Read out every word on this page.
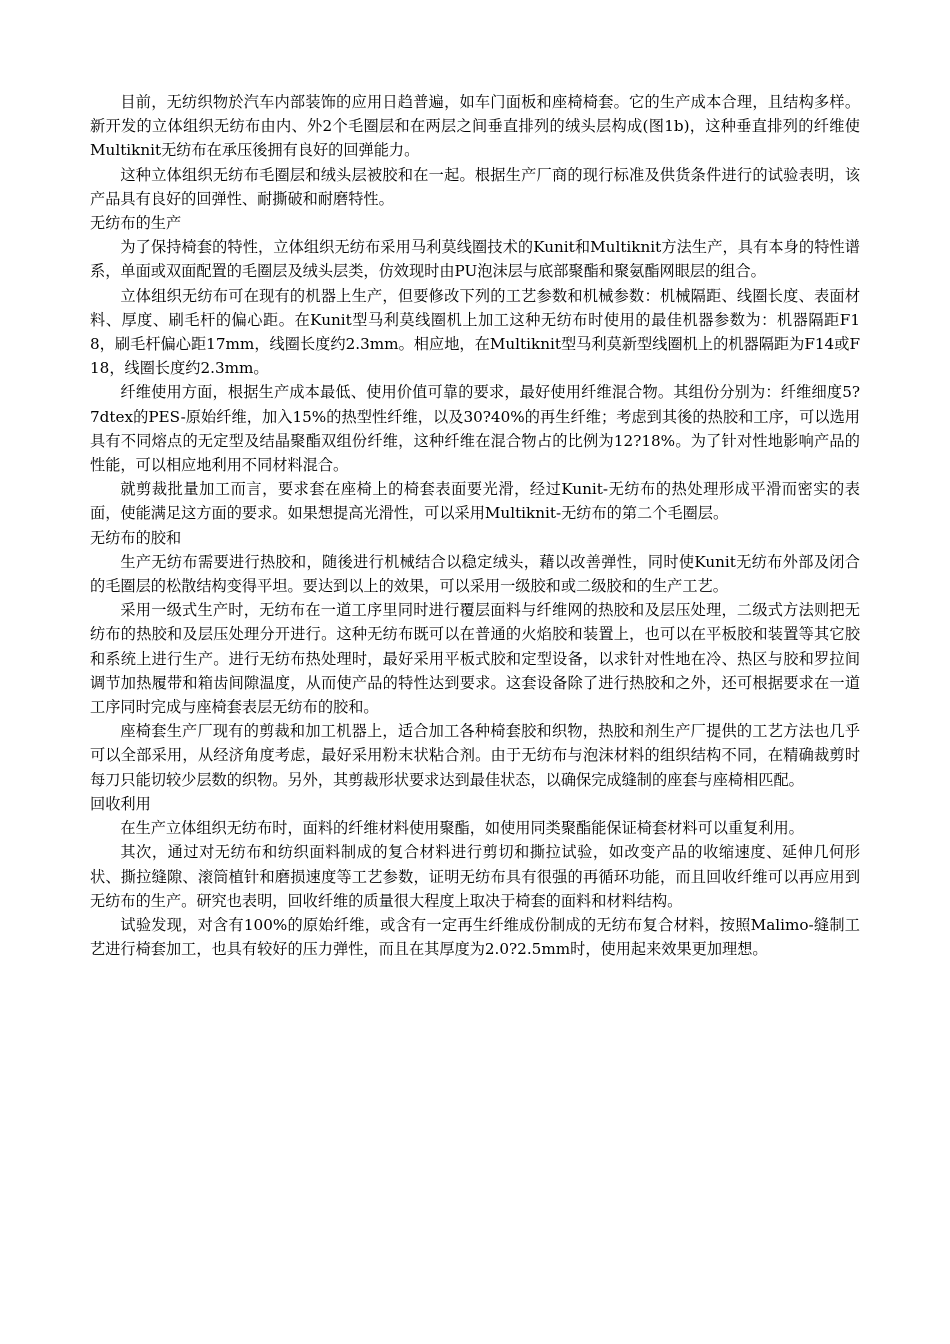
目前，无纺织物於汽车内部装饰的应用日趋普遍，如车门面板和座椅椅套。它的生产成本合理，且结构多样。新开发的立体组织无纺布由内、外2个毛圈层和在两层之间垂直排列的绒头层构成(图1b)，这种垂直排列的纤维使Multiknit无纺布在承压後拥有良好的回弹能力。

这种立体组织无纺布毛圈层和绒头层被胶和在一起。根据生产厂商的现行标准及供货条件进行的试验表明，该产品具有良好的回弹性、耐撕破和耐磨特性。

无纺布的生产

为了保持椅套的特性，立体组织无纺布采用马利莫线圈技术的Kunit和Multiknit方法生产，具有本身的特性谱系，单面或双面配置的毛圈层及绒头层类，仿效现时由PU泡沫层与底部聚酯和聚氨酯网眼层的组合。

立体组织无纺布可在现有的机器上生产，但要修改下列的工艺参数和机械参数：机械隔距、线圈长度、表面材料、厚度、刷毛杆的偏心距。在Kunit型马利莫线圈机上加工这种无纺布时使用的最佳机器参数为：机器隔距F18，刷毛杆偏心距17mm，线圈长度约2.3mm。相应地，在Multiknit型马利莫新型线圈机上的机器隔距为F14或F18，线圈长度约2.3mm。

纤维使用方面，根据生产成本最低、使用价值可靠的要求，最好使用纤维混合物。其组份分别为：纤维细度5?7dtex的PES-原始纤维，加入15%的热型性纤维，以及30?40%的再生纤维；考虑到其後的热胶和工序，可以选用具有不同熔点的无定型及结晶聚酯双组份纤维，这种纤维在混合物占的比例为12?18%。为了针对性地影响产品的性能，可以相应地利用不同材料混合。

就剪裁批量加工而言，要求套在座椅上的椅套表面要光滑，经过Kunit-无纺布的热处理形成平滑而密实的表面，使能满足这方面的要求。如果想提高光滑性，可以采用Multiknit-无纺布的第二个毛圈层。

无纺布的胶和

生产无纺布需要进行热胶和，随後进行机械结合以稳定绒头，藉以改善弹性，同时使Kunit无纺布外部及闭合的毛圈层的松散结构变得平坦。要达到以上的效果，可以采用一级胶和或二级胶和的生产工艺。

采用一级式生产时，无纺布在一道工序里同时进行覆层面料与纤维网的热胶和及层压处理，二级式方法则把无纺布的热胶和及层压处理分开进行。这种无纺布既可以在普通的火焰胶和装置上，也可以在平板胶和装置等其它胶和系统上进行生产。进行无纺布热处理时，最好采用平板式胶和定型设备，以求针对性地在冷、热区与胶和罗拉间调节加热履带和箱齿间隙温度，从而使产品的特性达到要求。这套设备除了进行热胶和之外，还可根据要求在一道工序同时完成与座椅套表层无纺布的胶和。

座椅套生产厂现有的剪裁和加工机器上，适合加工各种椅套胶和织物，热胶和剂生产厂提供的工艺方法也几乎可以全部采用，从经济角度考虑，最好采用粉末状粘合剂。由于无纺布与泡沫材料的组织结构不同，在精确裁剪时每刀只能切较少层数的织物。另外，其剪裁形状要求达到最佳状态，以确保完成缝制的座套与座椅相匹配。

回收利用

在生产立体组织无纺布时，面料的纤维材料使用聚酯，如使用同类聚酯能保证椅套材料可以重复利用。

其次，通过对无纺布和纺织面料制成的复合材料进行剪切和撕拉试验，如改变产品的收缩速度、延伸几何形状、撕拉缝隙、滚筒植针和磨损速度等工艺参数，证明无纺布具有很强的再循环功能，而且回收纤维可以再应用到无纺布的生产。研究也表明，回收纤维的质量很大程度上取决于椅套的面料和材料结构。

试验发现，对含有100%的原始纤维，或含有一定再生纤维成份制成的无纺布复合材料，按照Malimo-缝制工艺进行椅套加工，也具有较好的压力弹性，而且在其厚度为2.0?2.5mm时，使用起来效果更加理想。
